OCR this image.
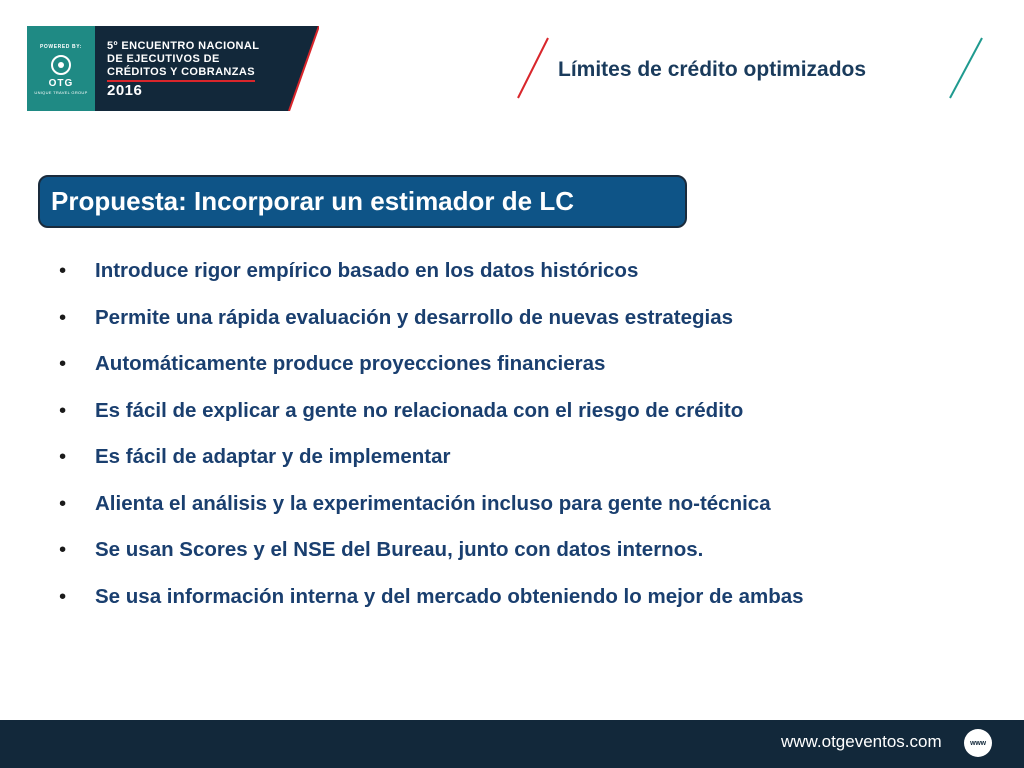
POWERED BY:
OTG
UNIQUE TRAVEL GROUP
5º ENCUENTRO NACIONAL
DE EJECUTIVOS DE
CRÉDITOS Y COBRANZAS
2016
Límites de crédito optimizados
Propuesta: Incorporar un estimador de LC
• Introduce rigor empírico basado en los datos históricos
• Permite una rápida evaluación y desarrollo de nuevas estrategias
• Automáticamente produce proyecciones financieras
• Es fácil de explicar a gente no relacionada con el riesgo de crédito
• Es fácil de adaptar y de implementar
• Alienta el análisis y la experimentación incluso para gente no-técnica
• Se usan Scores y el NSE del Bureau, junto con datos internos.
• Se usa información interna y del mercado obteniendo lo mejor de ambas
www.otgeventos.com	www
